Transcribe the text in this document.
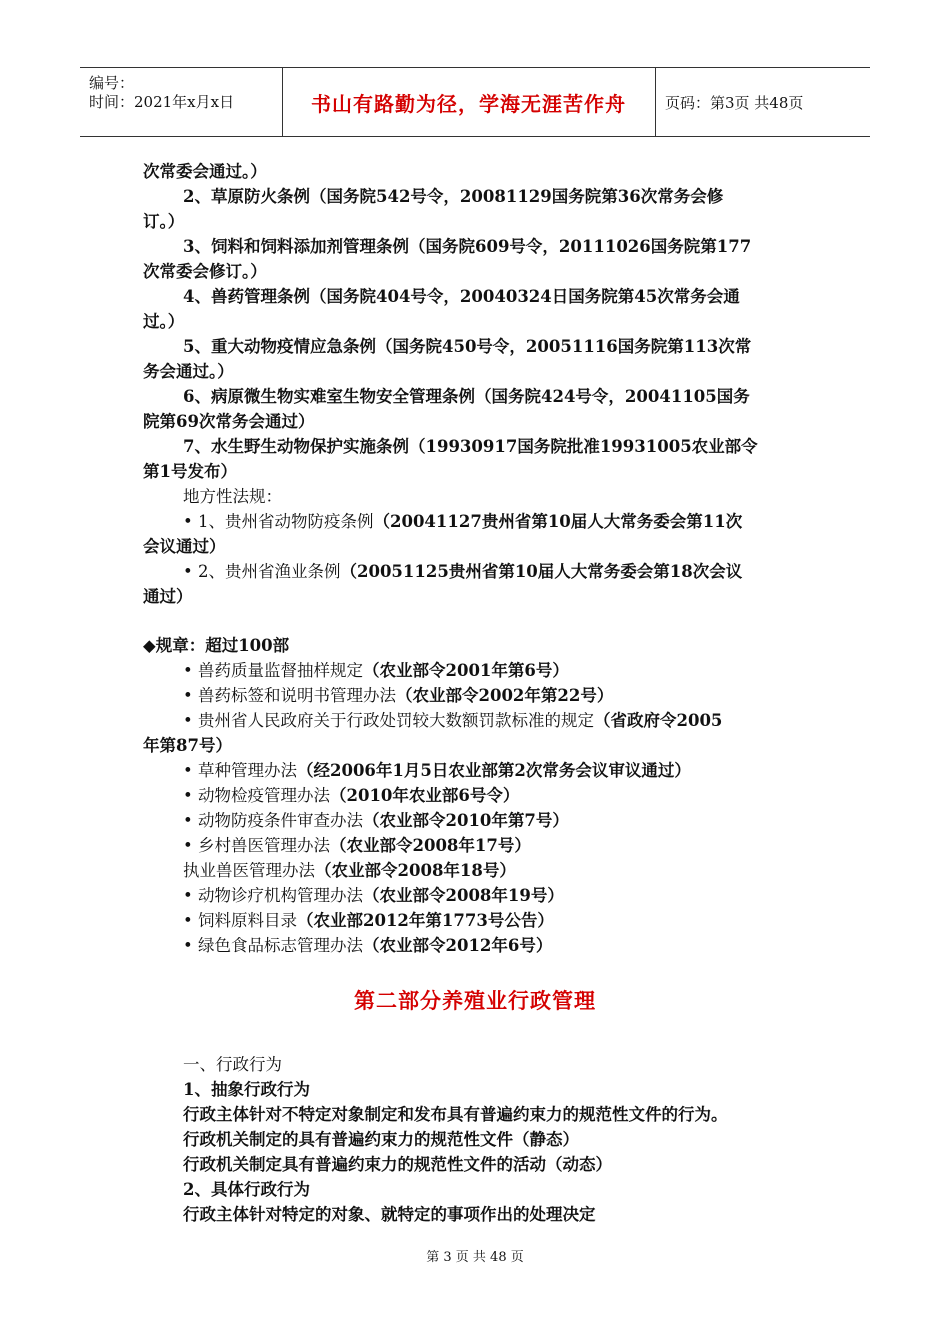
编号：
时间：2021年x月x日	书山有路勤为径，学海无涯苦作舟	页码：第3页 共48页
次常委会通过。）
2、草原防火条例（国务院542号令，20081129国务院第36次常务会修
订。）
3、饲料和饲料添加剂管理条例（国务院609号令，20111026国务院第177
次常委会修订。）
4、兽药管理条例（国务院404号令，20040324日国务院第45次常务会通
过。）
5、重大动物疫情应急条例（国务院450号令，20051116国务院第113次常
务会通过。）
6、病原微生物实难室生物安全管理条例（国务院424号令，20041105国务
院第69次常务会通过）
7、水生野生动物保护实施条例（19930917国务院批准19931005农业部令
第1号发布）
地方性法规：
• 1、贵州省动物防疫条例（20041127贵州省第10届人大常务委会第11次
会议通过）
• 2、贵州省渔业条例（20051125贵州省第10届人大常务委会第18次会议
通过）
◆规章：超过100部
• 兽药质量监督抽样规定（农业部令2001年第6号）
• 兽药标签和说明书管理办法（农业部令2002年第22号）
• 贵州省人民政府关于行政处罚较大数额罚款标准的规定（省政府令2005
年第87号）
• 草种管理办法（经2006年1月5日农业部第2次常务会议审议通过）
• 动物检疫管理办法（2010年农业部6号令）
• 动物防疫条件审查办法（农业部令2010年第7号）
• 乡村兽医管理办法（农业部令2008年17号）
执业兽医管理办法（农业部令2008年18号）
• 动物诊疗机构管理办法（农业部令2008年19号）
• 饲料原料目录（农业部2012年第1773号公告）
• 绿色食品标志管理办法（农业部令2012年6号）
第二部分养殖业行政管理
一、行政行为
1、抽象行政行为
行政主体针对不特定对象制定和发布具有普遍约束力的规范性文件的行为。
行政机关制定的具有普遍约束力的规范性文件（静态）
行政机关制定具有普遍约束力的规范性文件的活动（动态）
2、具体行政行为
行政主体针对特定的对象、就特定的事项作出的处理决定
第 3 页 共 48 页
